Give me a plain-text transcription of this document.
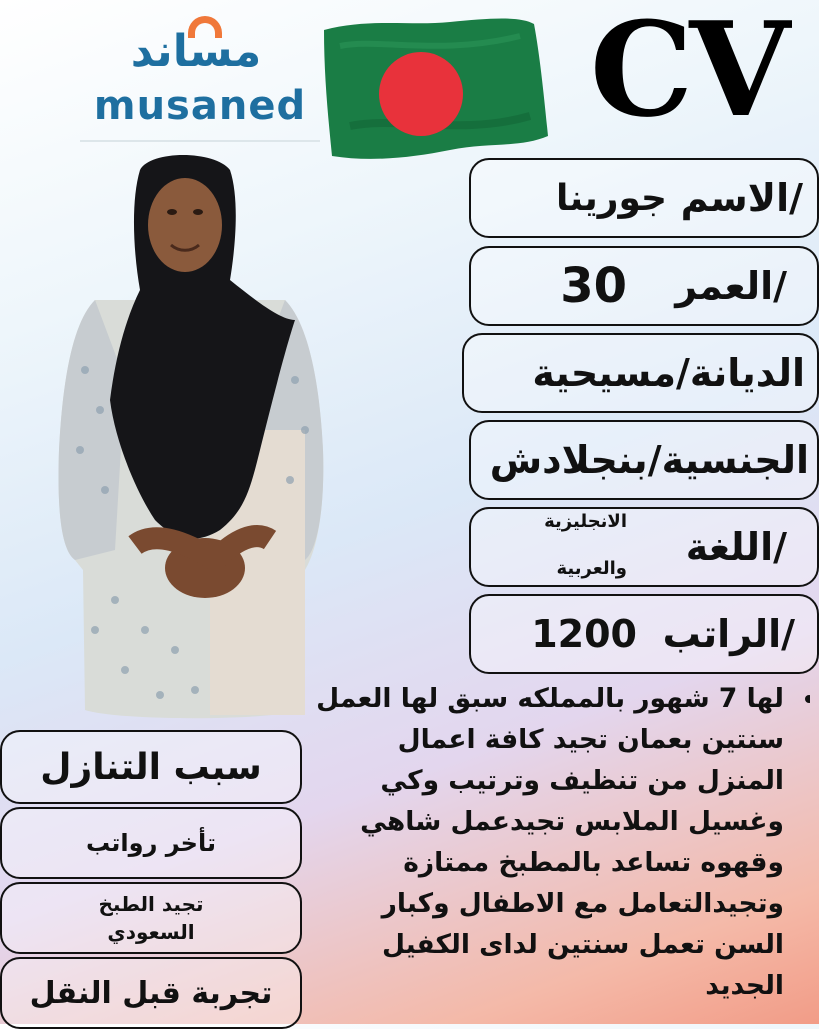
مساند
musaned CV
الاسم/
جورينا
العمر/
30
الديانة/مسيحية
الجنسية/بنجلادش
اللغة/
الانجليزية
والعربية
الراتب/
1200
• لها 7 شهور بالمملكه سبق لها العمل سنتين بعمان تجيد كافة اعمال المنزل من تنظيف وترتيب وكي وغسيل الملابس تجيدعمل شاهي وقهوه تساعد بالمطبخ ممتازة وتجيدالتعامل مع الاطفال وكبار السن تعمل سنتين لداى الكفيل الجديد
سبب التنازل
تأخر رواتب
تجيد الطبخ
السعودي
تجربة قبل النقل
